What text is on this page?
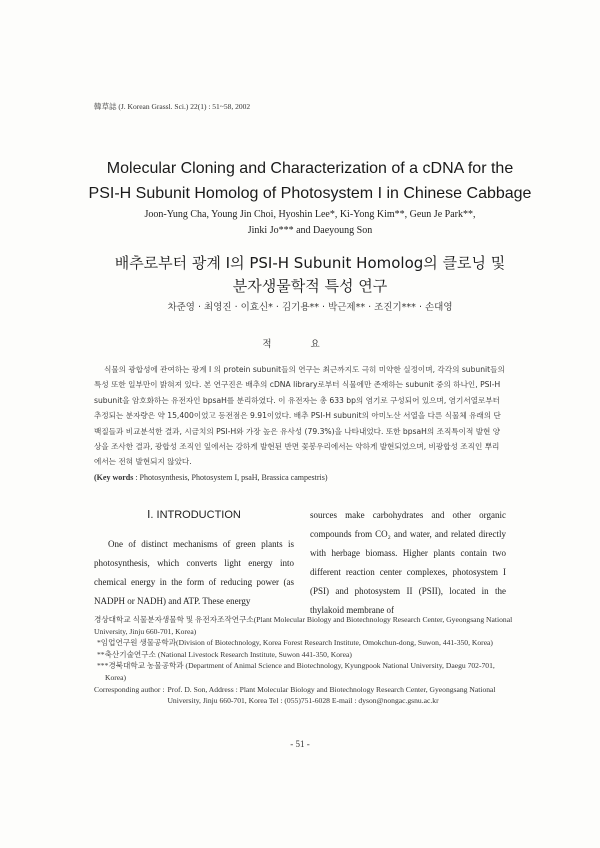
韓草誌 (J. Korean Grassl. Sci.) 22(1) : 51~58, 2002
Molecular Cloning and Characterization of a cDNA for the
PSI-H Subunit Homolog of Photosystem I in Chinese Cabbage
Joon-Yung Cha, Young Jin Choi, Hyoshin Lee*, Ki-Yong Kim**, Geun Je Park**,
Jinki Jo*** and Daeyoung Son
배추로부터 광계 I의 PSI-H Subunit Homolog의 클로닝 및
분자생물학적 특성 연구
차준영 · 최영진 · 이효신* · 김기용** · 박근제** · 조진기*** · 손대영
적 요

식물의 광합성에 관여하는 광계 I 의 protein subunit들의 연구는 최근까지도 극히 미약한 실정이며, 각각의 subunit들의 특성 또한 일부만이 밝혀져 있다. 본 연구진은 배추의 cDNA library로부터 식물에만 존재하는 subunit 중의 하나인, PSI-H subunit을 암호화하는 유전자인 bpsaH를 분리하였다. 이 유전자는 총 633 bp의 염기로 구성되어 있으며, 염기서열로부터 추정되는 분자량은 약 15,400이었고 등전점은 9.91이었다. 배추 PSI-H subunit의 아미노산 서열을 다른 식물체 유래의 단백질들과 비교분석한 결과, 시금치의 PSI-H와 가장 높은 유사성 (79.3%)을 나타내었다. 또한 bpsaH의 조직특이적 발현 양상을 조사한 결과, 광합성 조직인 잎에서는 강하게 발현된 반면 꽃봉우리에서는 약하게 발현되었으며, 비광합성 조직인 뿌리에서는 전혀 발현되지 않았다.

(Key words : Photosynthesis, Photosystem I, psaH, Brassica campestris)
Ⅰ. INTRODUCTION

One of distinct mechanisms of green plants is photosynthesis, which converts light energy into chemical energy in the form of reducing power (as NADPH or NADH) and ATP. These energy

sources make carbohydrates and other organic compounds from CO₂ and water, and related directly with herbage biomass. Higher plants contain two different reaction center complexes, photosystem I (PSI) and photosystem II (PSII), located in the thylakoid membrane of

경상대학교 식물분자생물학 및 유전자조작연구소(Plant Molecular Biology and Biotechnology Research Center, Gyeongsang National University, Jinju 660-701, Korea)
*임업연구원 생물공학과(Division of Biotechnology, Korea Forest Research Institute, Omokchun-dong, Suwon, 441-350, Korea)
**축산기술연구소 (National Livestock Research Institute, Suwon 441-350, Korea)
***경북대학교 농물공학과 (Department of Animal Science and Biotechnology, Kyungpook National University, Daegu 702-701, Korea)
Corresponding author : Prof. D. Son, Address : Plant Molecular Biology and Biotechnology Research Center, Gyeongsang National University, Jinju 660-701, Korea Tel : (055)751-6028 E-mail : dyson@nongac.gsnu.ac.kr
- 51 -
